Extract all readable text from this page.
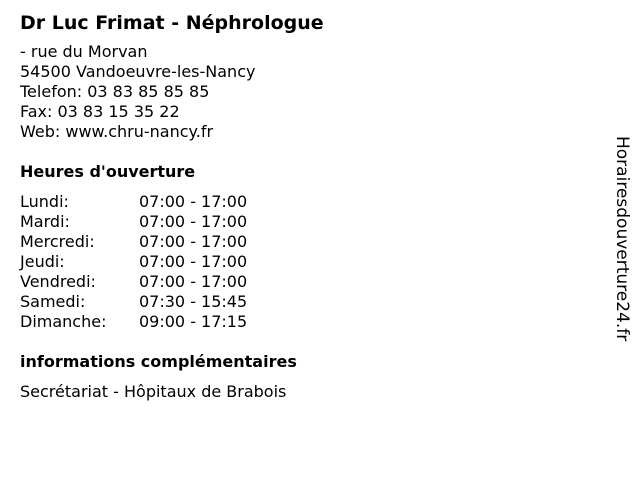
Dr Luc Frimat - Néphrologue
- rue du Morvan
54500 Vandoeuvre-les-Nancy
Telefon: 03 83 85 85 85
Fax: 03 83 15 35 22
Web: www.chru-nancy.fr
Heures d'ouverture
Lundi:	07:00 - 17:00
Mardi:	07:00 - 17:00
Mercredi:	07:00 - 17:00
Jeudi:	07:00 - 17:00
Vendredi:	07:00 - 17:00
Samedi:	07:30 - 15:45
Dimanche:	09:00 - 17:15
informations complémentaires
Secrétariat - Hôpitaux de Brabois
Horairesdouverture24.fr
